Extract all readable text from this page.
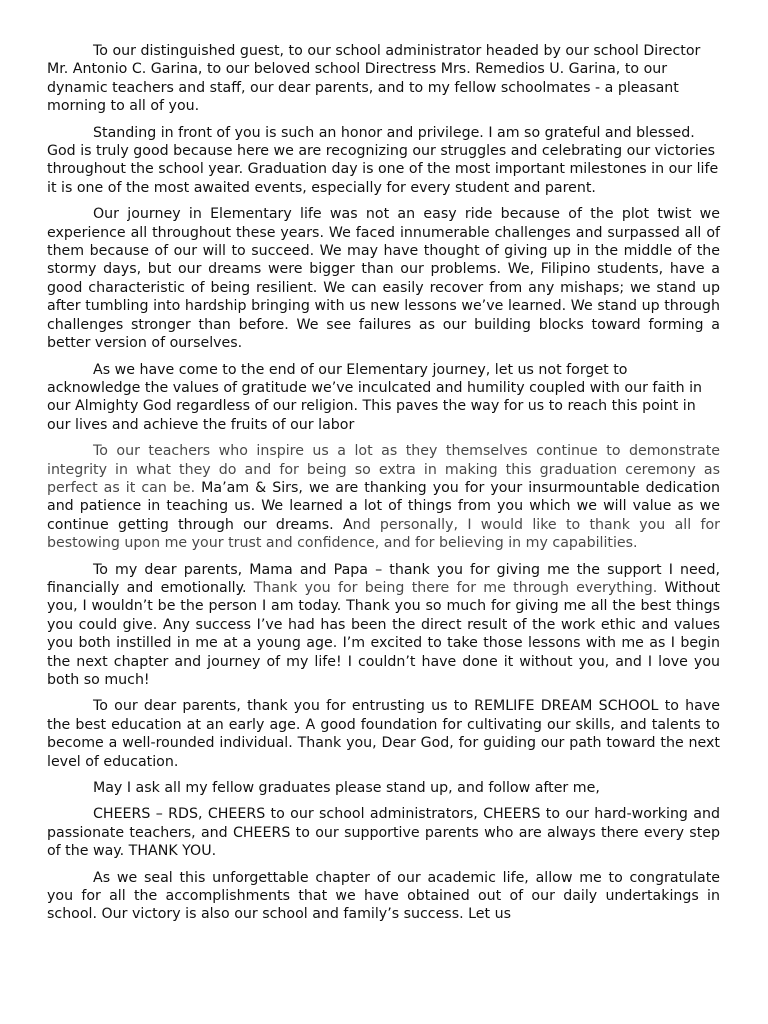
To our distinguished guest, to our school administrator headed by our school Director Mr. Antonio C. Garina, to our beloved school Directress Mrs. Remedios U. Garina, to our dynamic teachers and staff, our dear parents, and to my fellow schoolmates - a pleasant morning to all of you.

Standing in front of you is such an honor and privilege. I am so grateful and blessed. God is truly good because here we are recognizing our struggles and celebrating our victories throughout the school year. Graduation day is one of the most important milestones in our life it is one of the most awaited events, especially for every student and parent.

Our journey in Elementary life was not an easy ride because of the plot twist we experience all throughout these years. We faced innumerable challenges and surpassed all of them because of our will to succeed. We may have thought of giving up in the middle of the stormy days, but our dreams were bigger than our problems. We, Filipino students, have a good characteristic of being resilient. We can easily recover from any mishaps; we stand up after tumbling into hardship bringing with us new lessons we’ve learned. We stand up through challenges stronger than before. We see failures as our building blocks toward forming a better version of ourselves.

As we have come to the end of our Elementary journey, let us not forget to acknowledge the values of gratitude we’ve inculcated and humility coupled with our faith in our Almighty God regardless of our religion. This paves the way for us to reach this point in our lives and achieve the fruits of our labor

To our teachers who inspire us a lot as they themselves continue to demonstrate integrity in what they do and for being so extra in making this graduation ceremony as perfect as it can be. Ma’am & Sirs, we are thanking you for your insurmountable dedication and patience in teaching us. We learned a lot of things from you which we will value as we continue getting through our dreams. And personally, I would like to thank you all for bestowing upon me your trust and confidence, and for believing in my capabilities.

To my dear parents, Mama and Papa – thank you for giving me the support I need, financially and emotionally. Thank you for being there for me through everything. Without you, I wouldn’t be the person I am today. Thank you so much for giving me all the best things you could give. Any success I’ve had has been the direct result of the work ethic and values you both instilled in me at a young age. I’m excited to take those lessons with me as I begin the next chapter and journey of my life! I couldn’t have done it without you, and I love you both so much!

To our dear parents, thank you for entrusting us to REMLIFE DREAM SCHOOL to have the best education at an early age. A good foundation for cultivating our skills, and talents to become a well-rounded individual. Thank you, Dear God, for guiding our path toward the next level of education.

May I ask all my fellow graduates please stand up, and follow after me,

CHEERS – RDS, CHEERS to our school administrators, CHEERS to our hard-working and passionate teachers, and CHEERS to our supportive parents who are always there every step of the way. THANK YOU.

As we seal this unforgettable chapter of our academic life, allow me to congratulate you for all the accomplishments that we have obtained out of our daily undertakings in school. Our victory is also our school and family’s success. Let us
